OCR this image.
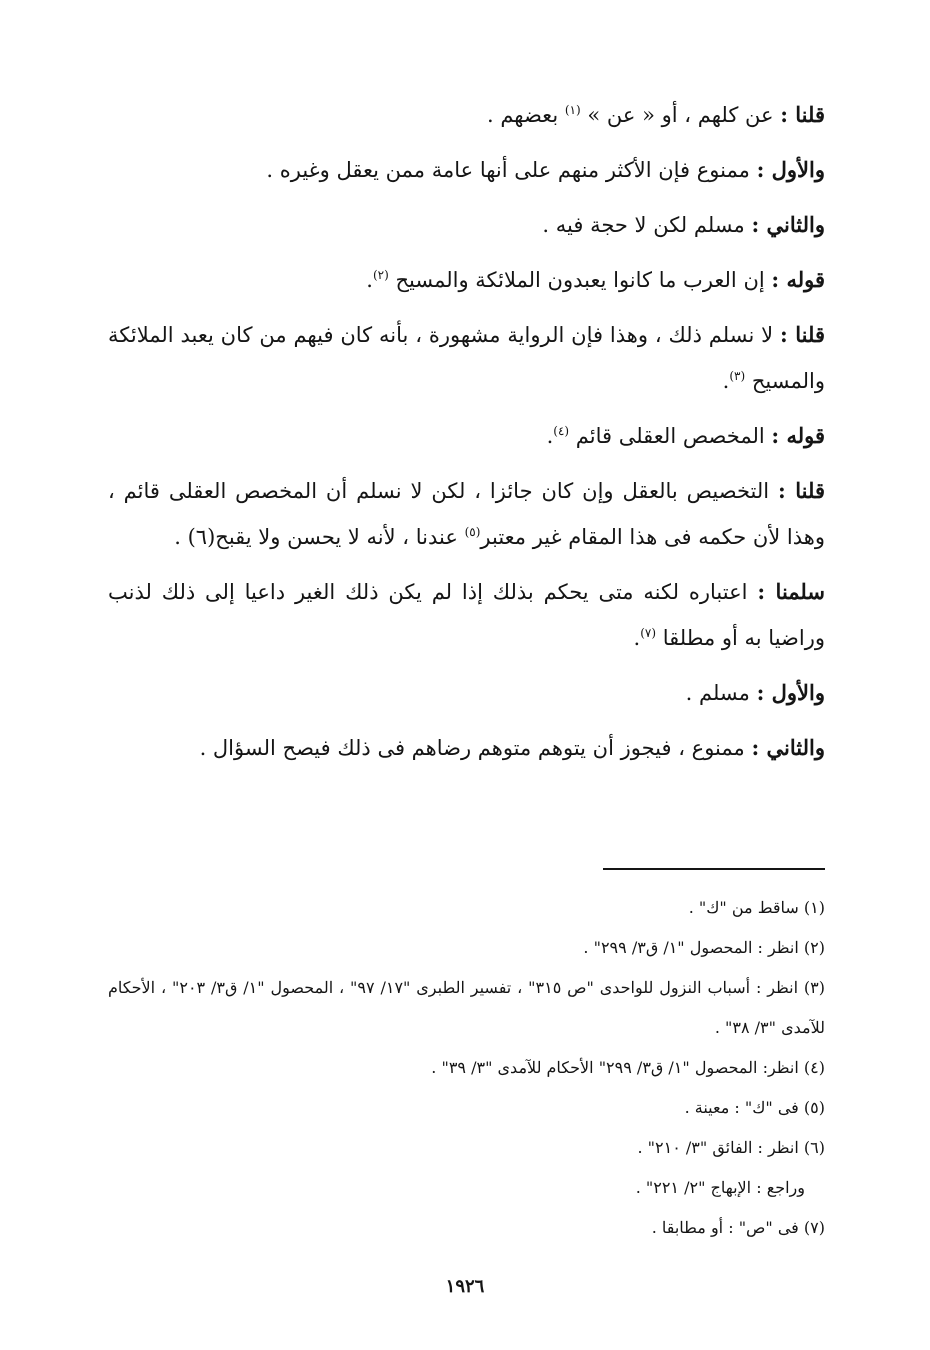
قلنا : عن كلهم ، أو « عن » $^{(١)}$ بعضهم .

والأول : ممنوع فإن الأكثر منهم على أنها عامة ممن يعقل وغيره .

والثاني : مسلم لكن لا حجة فيه .

قوله : إن العرب ما كانوا يعبدون الملائكة والمسيح $^{(٢)}$.

قلنا : لا نسلم ذلك ، وهذا فإن الرواية مشهورة ، بأنه كان فيهم من كان يعبد الملائكة والمسيح $^{(٣)}$.

قوله : المخصص العقلى قائم $^{(٤)}$.

قلنا : التخصيص بالعقل وإن كان جائزا ، لكن لا نسلم أن المخصص العقلى قائم ، وهذا لأن حكمه فى هذا المقام غير معتبر$^{(٥)}$ عندنا ، لأنه لا يحسن ولا يقبح(٦) .

سلمنا : اعتباره لكنه متى يحكم بذلك إذا لم يكن ذلك الغير داعيا إلى ذلك لذنب وراضيا به أو مطلقا $^{(٧)}$.

والأول : مسلم .

والثاني : ممنوع ، فيجوز أن يتوهم متوهم رضاهم فى ذلك فيصح السؤال .

(١) ساقط من "ك" .

(٢) انظر : المحصول "١/ ق٣/ ٢٩٩" .

(٣) انظر : أسباب النزول للواحدى "ص ٣١٥" ، تفسير الطبرى "١٧/ ٩٧" ، المحصول "١/ ق٣/ ٢٠٣" ، الأحكام للآمدى "٣/ ٣٨" .

(٤) انظر: المحصول "١/ ق٣/ ٢٩٩" الأحكام للآمدى "٣/ ٣٩" .

(٥) فى "ك" : معينة .

(٦) انظر : الفائق "٣/ ٢١٠" .

وراجع : الإبهاج "٢/ ٢٢١" .

(٧) فى "ص" : أو مطابقا .

١٩٢٦
